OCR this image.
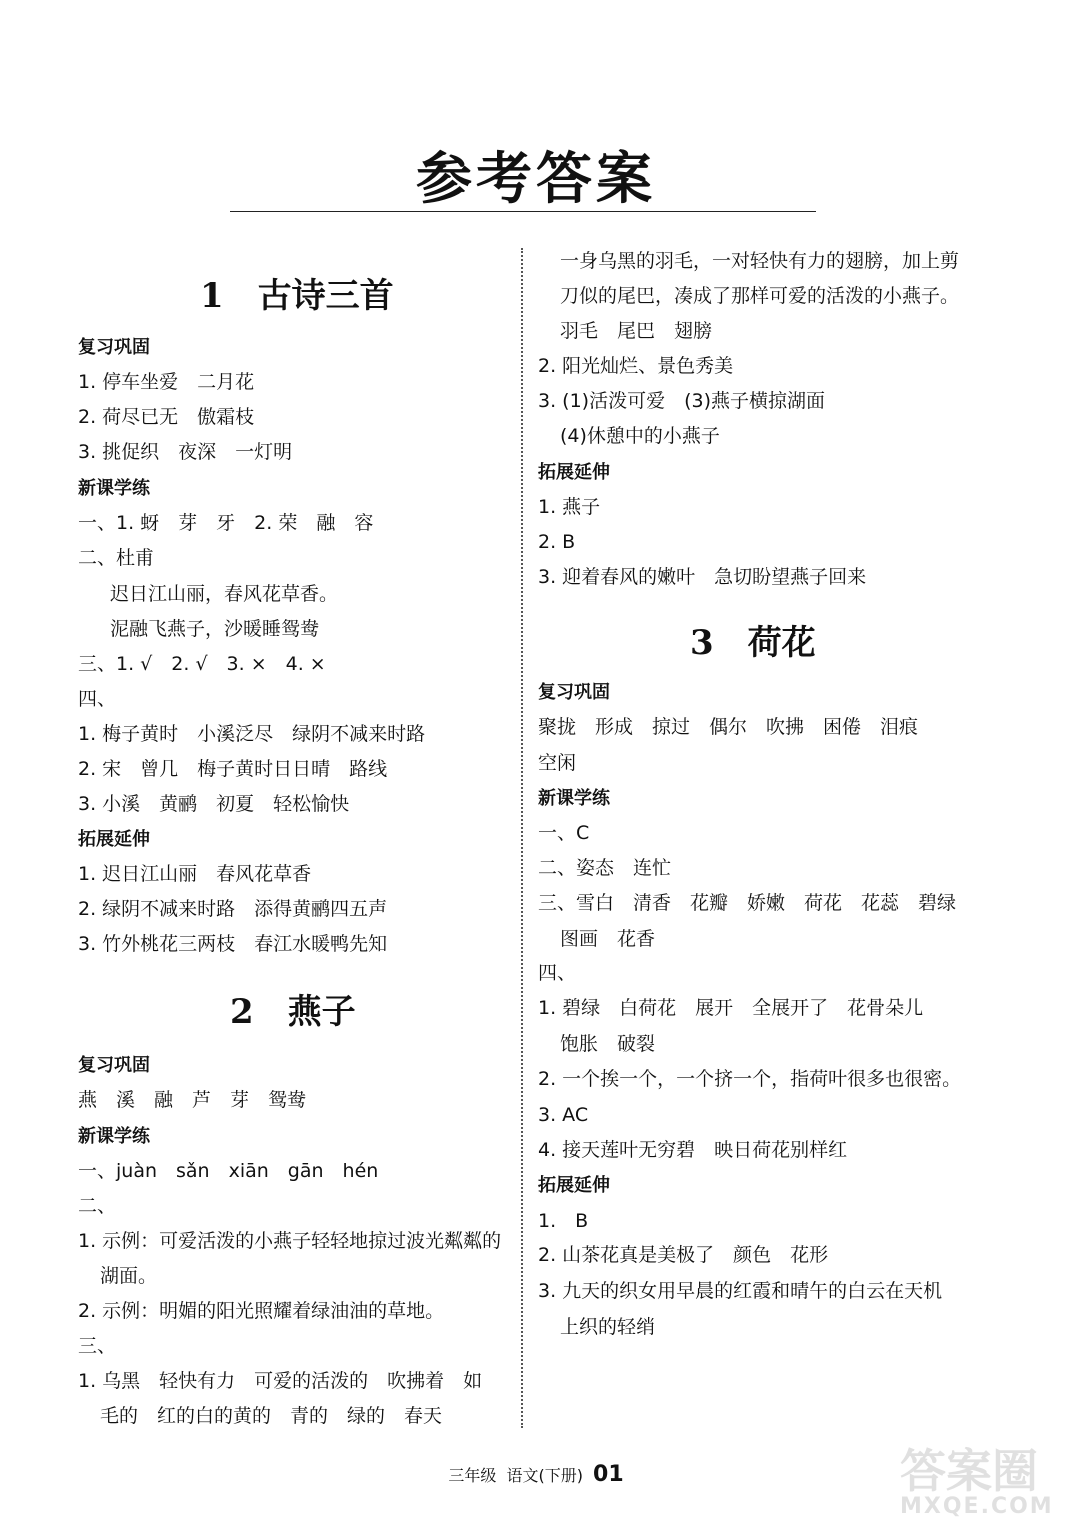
参考答案
1　古诗三首
复习巩固
1. 停车坐爱　二月花
2. 荷尽已无　傲霜枝
3. 挑促织　夜深　一灯明
新课学练
一、1. 蚜　芽　牙　2. 荣　融　容
二、杜甫
迟日江山丽，春风花草香。
泥融飞燕子，沙暖睡鸳鸯
三、1. √　2. √　3. ×　4. ×
四、
1. 梅子黄时　小溪泛尽　绿阴不减来时路
2. 宋　曾几　梅子黄时日日晴　路线
3. 小溪　黄鹂　初夏　轻松愉快
拓展延伸
1. 迟日江山丽　春风花草香
2. 绿阴不减来时路　添得黄鹂四五声
3. 竹外桃花三两枝　春江水暖鸭先知
2　燕子
复习巩固
燕　溪　融　芦　芽　鸳鸯
新课学练
一、juàn　sǎn　xiān　gān　hén
二、
1. 示例：可爱活泼的小燕子轻轻地掠过波光粼粼的
湖面。
2. 示例：明媚的阳光照耀着绿油油的草地。
三、
1. 乌黑　轻快有力　可爱的活泼的　吹拂着　如
毛的　红的白的黄的　青的　绿的　春天
一身乌黑的羽毛，一对轻快有力的翅膀，加上剪
刀似的尾巴，凑成了那样可爱的活泼的小燕子。
羽毛　尾巴　翅膀
2. 阳光灿烂、景色秀美
3. (1)活泼可爱　(3)燕子横掠湖面
(4)休憩中的小燕子
拓展延伸
1. 燕子
2. B
3. 迎着春风的嫩叶　急切盼望燕子回来
3　荷花
复习巩固
聚拢　形成　掠过　偶尔　吹拂　困倦　泪痕
空闲
新课学练
一、C
二、姿态　连忙
三、雪白　清香　花瓣　娇嫩　荷花　花蕊　碧绿
图画　花香
四、
1. 碧绿　白荷花　展开　全展开了　花骨朵儿
饱胀　破裂
2. 一个挨一个，一个挤一个，指荷叶很多也很密。
3. AC
4. 接天莲叶无穷碧　映日荷花别样红
拓展延伸
1.　B
2. 山茶花真是美极了　颜色　花形
3. 九天的织女用早晨的红霞和晴午的白云在天机
上织的轻绡
三年级 语文(下册) 01	答案圈
MXQE.COM
